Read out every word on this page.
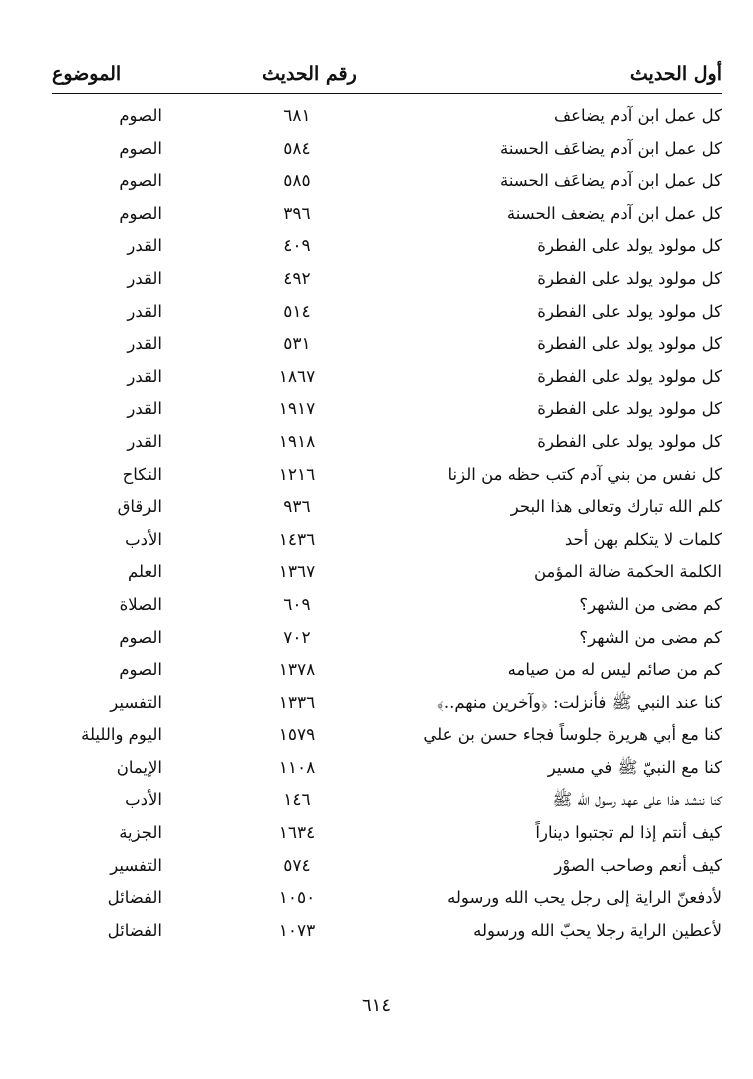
أول الحديث
رقم الحديث
الموضوع
كل عمل ابن آدم يضاعف
٦٨١
الصوم
كل عمل ابن آدم يضاعَف الحسنة
٥٨٤
الصوم
كل عمل ابن آدم يضاعَف الحسنة
٥٨٥
الصوم
كل عمل ابن آدم يضعف الحسنة
٣٩٦
الصوم
كل مولود يولد على الفطرة
٤٠٩
القدر
كل مولود يولد على الفطرة
٤٩٢
القدر
كل مولود يولد على الفطرة
٥١٤
القدر
كل مولود يولد على الفطرة
٥٣١
القدر
كل مولود يولد على الفطرة
١٨٦٧
القدر
كل مولود يولد على الفطرة
١٩١٧
القدر
كل مولود يولد على الفطرة
١٩١٨
القدر
كل نفس من بني آدم كتب حظه من الزنا
١٢١٦
النكاح
كلم الله تبارك وتعالى هذا البحر
٩٣٦
الرقاق
كلمات لا يتكلم بهن أحد
١٤٣٦
الأدب
الكلمة الحكمة ضالة المؤمن
١٣٦٧
العلم
كم مضى من الشهر؟
٦٠٩
الصلاة
كم مضى من الشهر؟
٧٠٢
الصوم
كم من صائم ليس له من صيامه
١٣٧٨
الصوم
كنا عند النبي ﷺ فأنزلت: ﴿وآخرين منهم..﴾
١٣٣٦
التفسير
كنا مع أبي هريرة جلوساً فجاء حسن بن علي
١٥٧٩
اليوم والليلة
كنا مع النبيّ ﷺ في مسير
١١٠٨
الإيمان
كنا ننشد هذا على عهد رسول الله ﷺ
١٤٦
الأدب
كيف أنتم إذا لم تجتبوا ديناراً
١٦٣٤
الجزية
كيف أنعم وصاحب الصوْر
٥٧٤
التفسير
لأدفعنّ الراية إلى رجل يحب الله ورسوله
١٠٥٠
الفضائل
لأعطين الراية رجلا يحبّ الله ورسوله
١٠٧٣
الفضائل
٦١٤
